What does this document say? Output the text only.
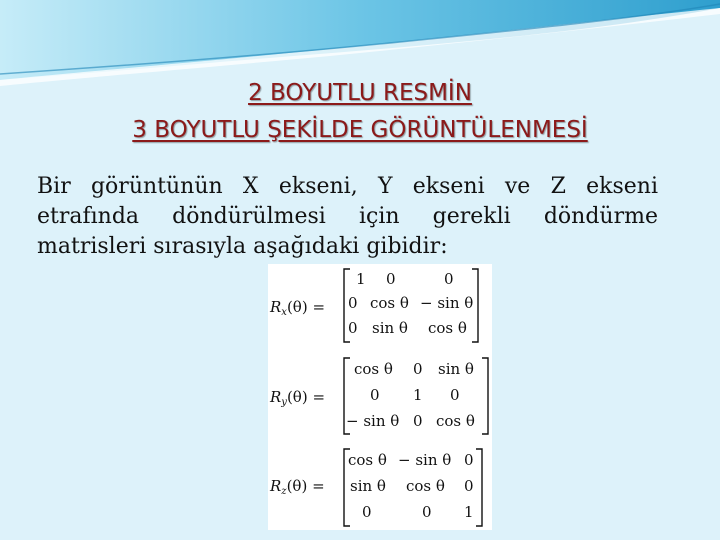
2 BOYUTLU RESMİN
3 BOYUTLU ŞEKİLDE GÖRÜNTÜLENMESİ

Bir görüntünün X ekseni, Y ekseni ve Z ekseni etrafında döndürülmesi için gerekli döndürme matrisleri sırasıyla aşağıdaki gibidir:

$R_x(\theta)$ =
1 0	0
0 cos θ − sin θ
0 sin θ cos θ
$R_y(\theta)$ =
cos θ 0 sin θ
0 1 0
− sin θ 0 cos θ
$R_z(\theta)$ =
cos θ − sin θ 0
sin θ cos θ 0
0	0 1
